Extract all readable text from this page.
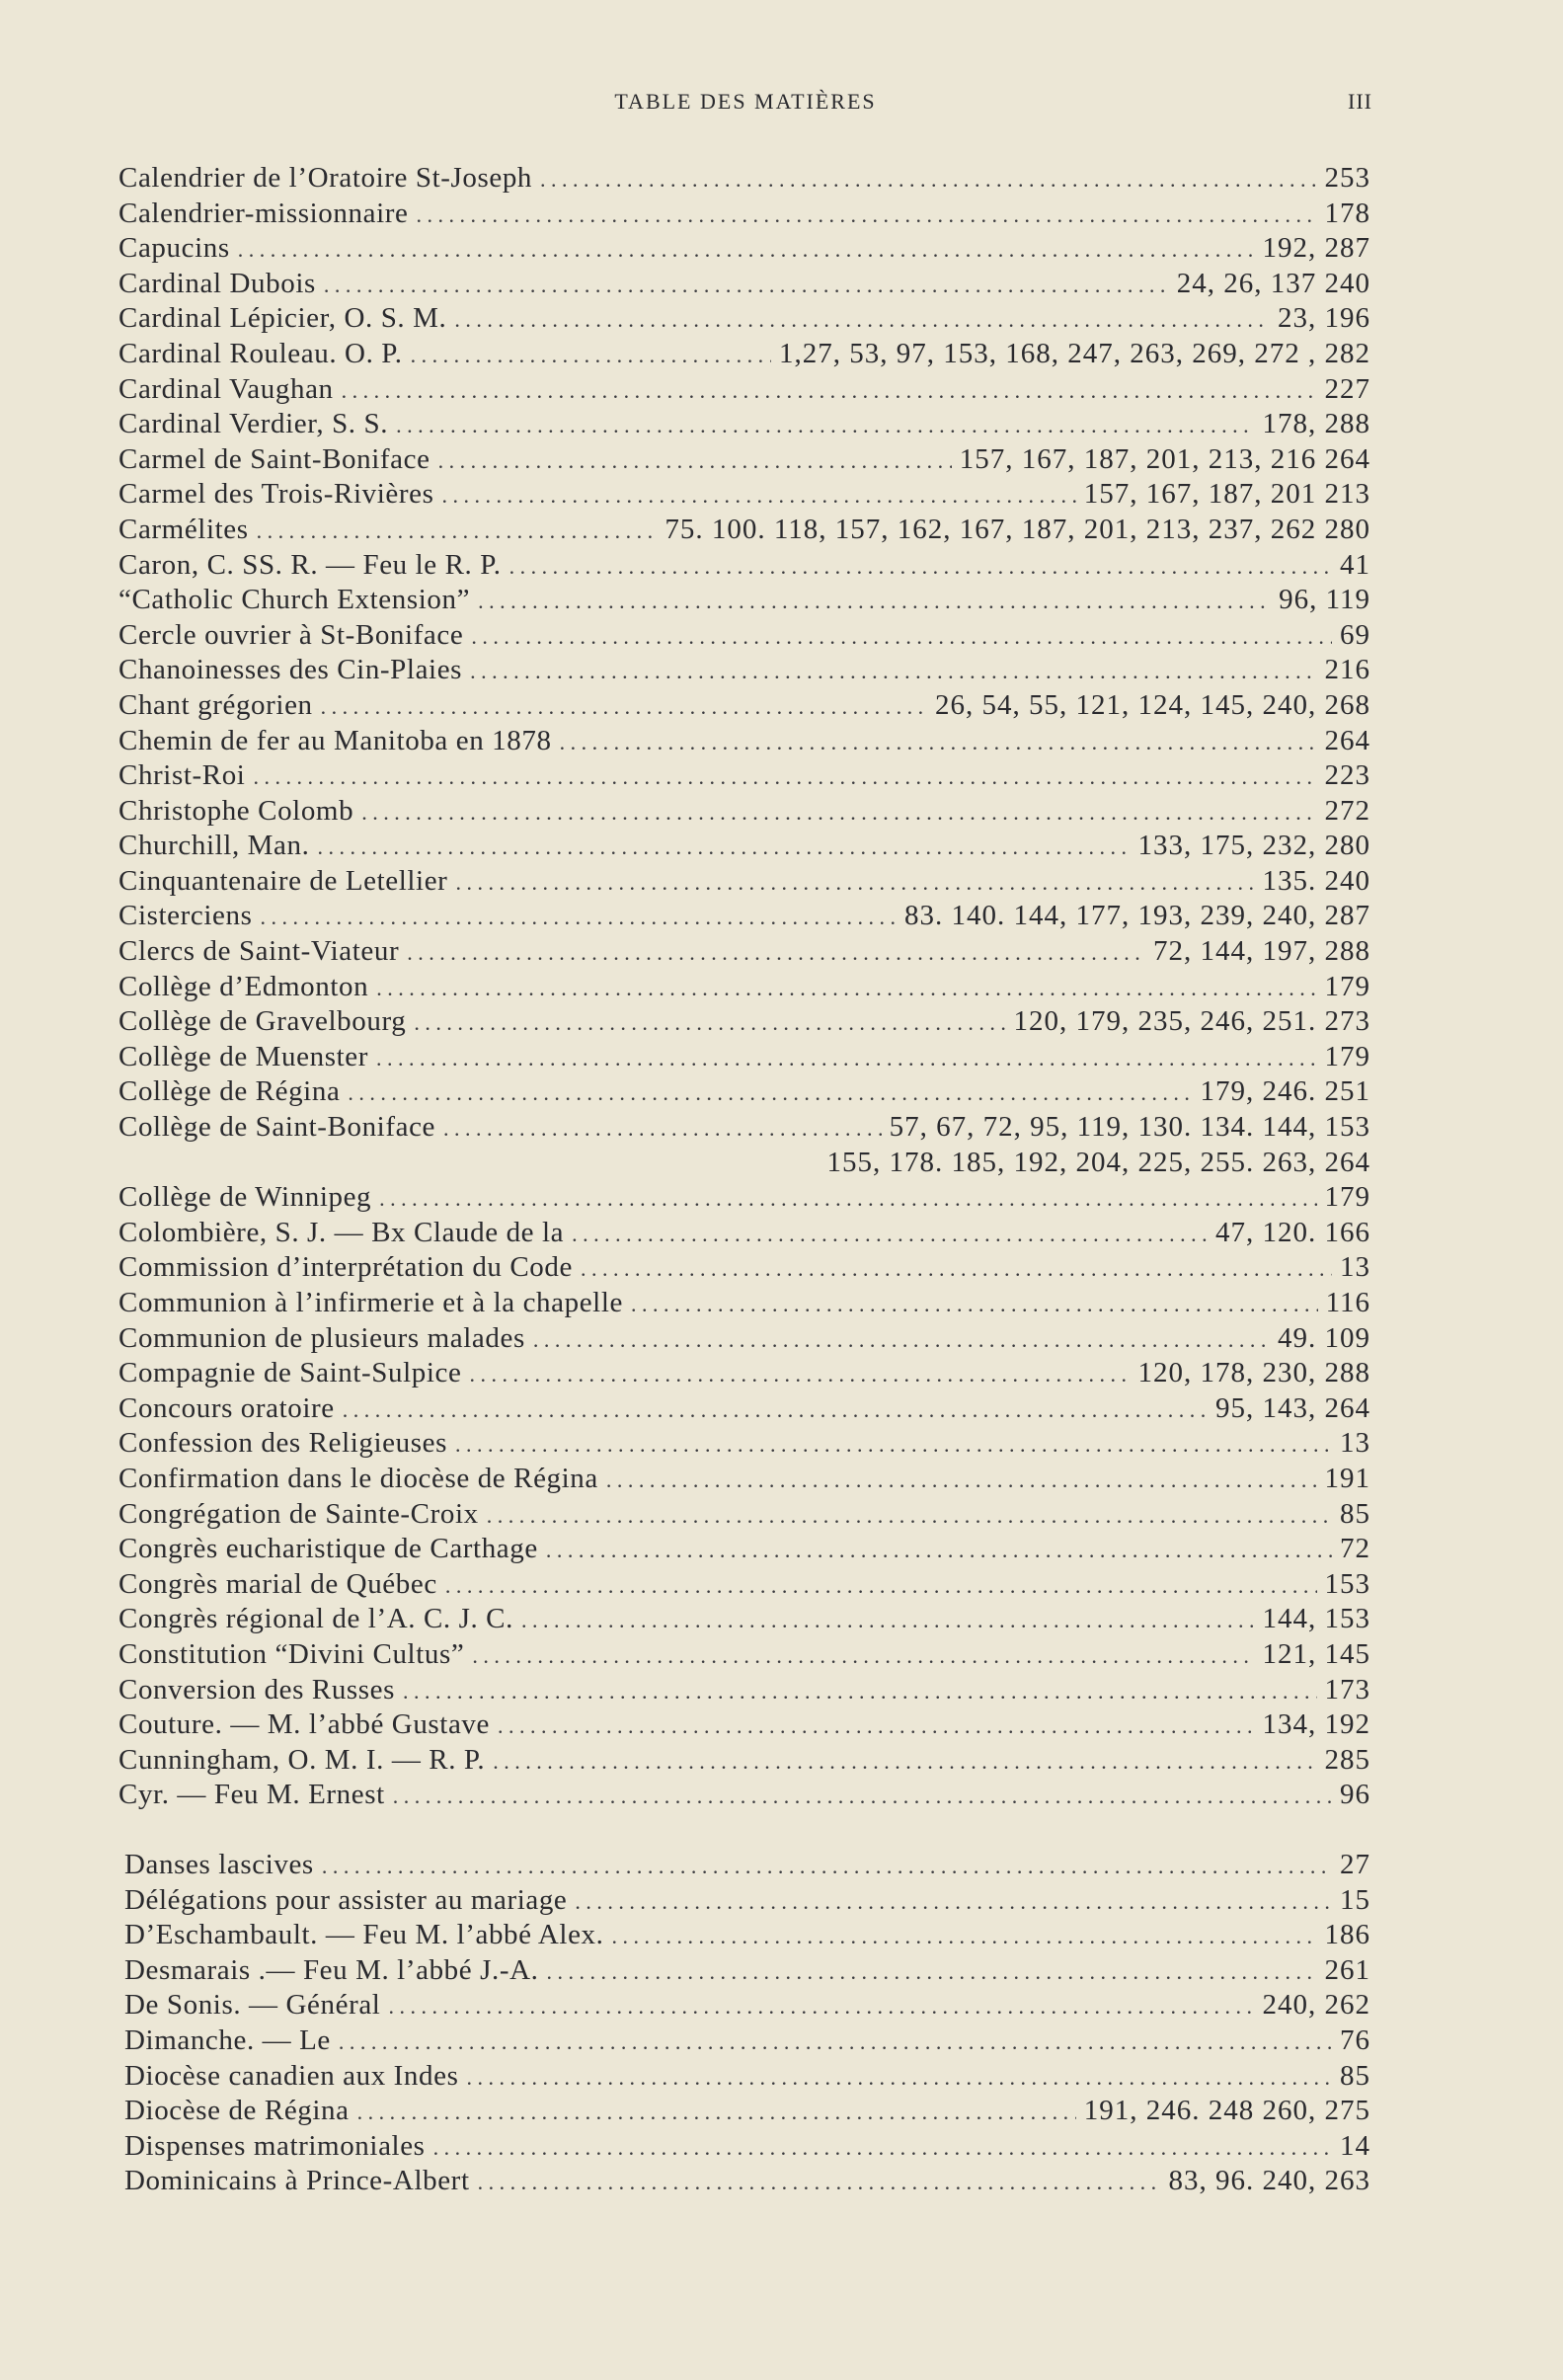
TABLE DES MATIÈRES	III
Calendrier de l’Oratoire St-Joseph . . .	253
Calendrier-missionnaire . . .	178
Capucins . . .	192, 287
Cardinal Dubois . . .	24, 26, 137 240
Cardinal Lépicier, O. S. M. . . .	23, 196
Cardinal Rouleau. O. P. . . .	1,27, 53, 97, 153, 168, 247, 263, 269, 272 , 282
Cardinal Vaughan . . .	227
Cardinal Verdier, S. S. . . .	178, 288
Carmel de Saint-Boniface . . .	157, 167, 187, 201, 213, 216 264
Carmel des Trois-Rivières . . .	157, 167, 187, 201 213
Carmélites . . .	75. 100. 118, 157, 162, 167, 187, 201, 213, 237, 262 280
Caron, C. SS. R. — Feu le R. P. . . .	41
“Catholic Church Extension” . . .	96, 119
Cercle ouvrier à St-Boniface . . .	69
Chanoinesses des Cin-Plaies . . .	216
Chant grégorien . . .	26, 54, 55, 121, 124, 145, 240, 268
Chemin de fer au Manitoba en 1878 . . .	264
Christ-Roi . . .	223
Christophe Colomb . . .	272
Churchill, Man. . . .	133, 175, 232, 280
Cinquantenaire de Letellier . . .	135. 240
Cisterciens . . .	83. 140. 144, 177, 193, 239, 240, 287
Clercs de Saint-Viateur . . .	72, 144, 197, 288
Collège d’Edmonton . . .	179
Collège de Gravelbourg . . .	120, 179, 235, 246, 251. 273
Collège de Muenster . . .	179
Collège de Régina . . .	179, 246. 251
Collège de Saint-Boniface . . .	57, 67, 72, 95, 119, 130. 134. 144, 153
155, 178. 185, 192, 204, 225, 255. 263, 264
Collège de Winnipeg . . .	179
Colombière, S. J. — Bx Claude de la . . .	47, 120. 166
Commission d’interprétation du Code . . .	13
Communion à l’infirmerie et à la chapelle . . .	116
Communion de plusieurs malades . . .	49. 109
Compagnie de Saint-Sulpice . . .	120, 178, 230, 288
Concours oratoire . . .	95, 143, 264
Confession des Religieuses . . .	13
Confirmation dans le diocèse de Régina . . .	191
Congrégation de Sainte-Croix . . .	85
Congrès eucharistique de Carthage . . .	72
Congrès marial de Québec . . .	153
Congrès régional de l’A. C. J. C. . . .	144, 153
Constitution “Divini Cultus” . . .	121, 145
Conversion des Russes . . .	173
Couture. — M. l’abbé Gustave . . .	134, 192
Cunningham, O. M. I. — R. P. . . .	285
Cyr. — Feu M. Ernest . . .	96
Danses lascives . . .	27
Délégations pour assister au mariage . . .	15
D’Eschambault. — Feu M. l’abbé Alex. . . .	186
Desmarais .— Feu M. l’abbé J.-A. . . .	261
De Sonis. — Général . . .	240, 262
Dimanche. — Le . . .	76
Diocèse canadien aux Indes . . .	85
Diocèse de Régina . . .	191, 246. 248 260, 275
Dispenses matrimoniales . . .	14
Dominicains à Prince-Albert . . .	83, 96. 240, 263
